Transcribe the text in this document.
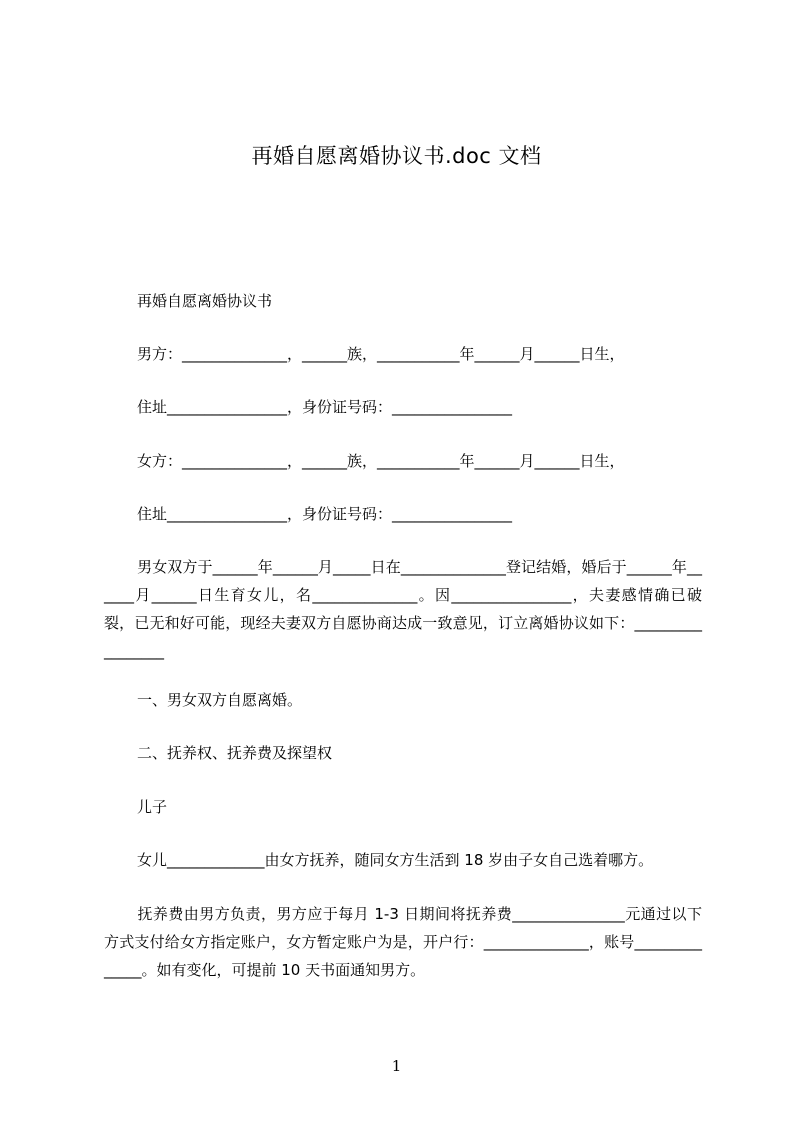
再婚自愿离婚协议书.doc 文档
再婚自愿离婚协议书
男方：______________，______族，___________年______月______日生，
住址________________，身份证号码：________________
女方：______________，______族，___________年______月______日生，
住址________________，身份证号码：________________
男女双方于______年______月_____日在______________登记结婚，婚后于______年______月______日生育女儿，名______________。因________________，夫妻感情确已破裂，已无和好可能，现经夫妻双方自愿协商达成一致意见，订立离婚协议如下：_________________
一、男女双方自愿离婚。
二、抚养权、抚养费及探望权
儿子
女儿_____________由女方抚养，随同女方生活到 18 岁由子女自己选着哪方。
抚养费由男方负责，男方应于每月 1-3 日期间将抚养费_______________元通过以下方式支付给女方指定账户，女方暂定账户为是，开户行：______________，账号______________。如有变化，可提前 10 天书面通知男方。
1
